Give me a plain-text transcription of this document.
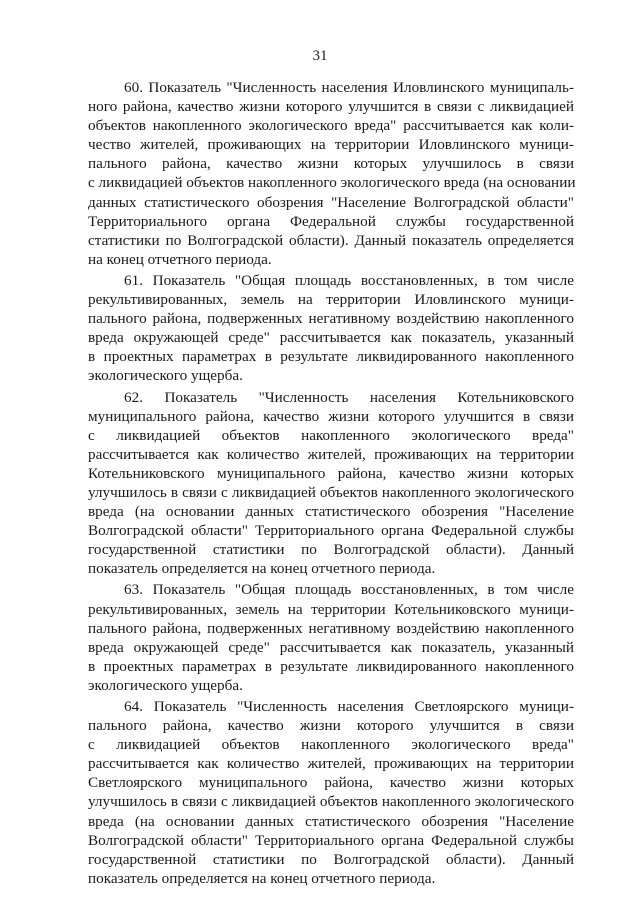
31
60. Показатель "Численность населения Иловлинского муниципаль-
ного района, качество жизни которого улучшится в связи с ликвидацией
объектов накопленного экологического вреда" рассчитывается как коли-
чество жителей, проживающих на территории Иловлинского муници-
пального района, качество жизни которых улучшилось в связи
с ликвидацией объектов накопленного экологического вреда (на основании
данных статистического обозрения "Население Волгоградской области"
Территориального органа Федеральной службы государственной
статистики по Волгоградской области). Данный показатель определяется
на конец отчетного периода.
61. Показатель "Общая площадь восстановленных, в том числе
рекультивированных, земель на территории Иловлинского муници-
пального района, подверженных негативному воздействию накопленного
вреда окружающей среде" рассчитывается как показатель, указанный
в проектных параметрах в результате ликвидированного накопленного
экологического ущерба.
62. Показатель "Численность населения Котельниковского
муниципального района, качество жизни которого улучшится в связи
с ликвидацией объектов накопленного экологического вреда"
рассчитывается как количество жителей, проживающих на территории
Котельниковского муниципального района, качество жизни которых
улучшилось в связи с ликвидацией объектов накопленного экологического
вреда (на основании данных статистического обозрения "Население
Волгоградской области" Территориального органа Федеральной службы
государственной статистики по Волгоградской области). Данный
показатель определяется на конец отчетного периода.
63. Показатель "Общая площадь восстановленных, в том числе
рекультивированных, земель на территории Котельниковского муници-
пального района, подверженных негативному воздействию накопленного
вреда окружающей среде" рассчитывается как показатель, указанный
в проектных параметрах в результате ликвидированного накопленного
экологического ущерба.
64. Показатель "Численность населения Светлоярского муници-
пального района, качество жизни которого улучшится в связи
с ликвидацией объектов накопленного экологического вреда"
рассчитывается как количество жителей, проживающих на территории
Светлоярского муниципального района, качество жизни которых
улучшилось в связи с ликвидацией объектов накопленного экологического
вреда (на основании данных статистического обозрения "Население
Волгоградской области" Территориального органа Федеральной службы
государственной статистики по Волгоградской области). Данный
показатель определяется на конец отчетного периода.
